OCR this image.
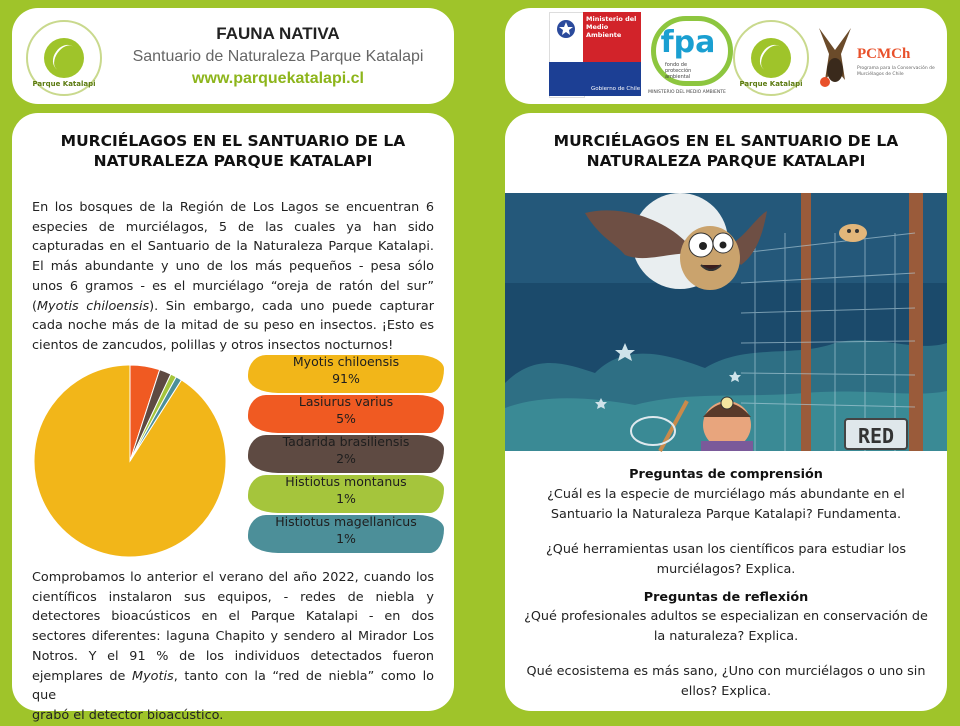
Parque Katalapi
FAUNA NATIVA
Santuario de Naturaleza Parque Katalapi
www.parquekatalapi.cl
Ministerio del
Medio
Ambiente
Gobierno de Chile
fpa
fondo de protección ambiental
MINISTERIO DEL MEDIO AMBIENTE
Parque Katalapi
PCMCh
Programa para la Conservación de Murciélagos de Chile
MURCIÉLAGOS EN EL SANTUARIO DE LA
NATURALEZA PARQUE KATALAPI
En los bosques de la Región de Los Lagos se encuentran 6
especies de murciélagos, 5 de las cuales ya han sido
capturadas en el Santuario de la Naturaleza Parque Katalapi.
El más abundante y uno de los más pequeños - pesa sólo
unos 6 gramos - es el murciélago “oreja de ratón del sur”
(Myotis chiloensis). Sin embargo, cada uno puede capturar
cada noche más de la mitad de su peso en insectos. ¡Esto es
cientos de zancudos, polillas y otros insectos nocturnos!
Myotis chiloensis
91%
Lasiurus varius
5%
Tadarida brasiliensis
2%
Histiotus montanus
1%
Histiotus magellanicus
1%
Comprobamos lo anterior el verano del año 2022, cuando los
científicos instalaron sus equipos, - redes de niebla y
detectores bioacústicos en el Parque Katalapi - en dos
sectores diferentes: laguna Chapito y sendero al Mirador Los
Notros. Y el 91 % de los individuos detectados fueron
ejemplares de Myotis, tanto con la “red de niebla” como lo que
grabó el detector bioacústico.
MURCIÉLAGOS EN EL SANTUARIO DE LA
NATURALEZA PARQUE KATALAPI
RED
Preguntas de comprensión
¿Cuál es la especie de murciélago más abundante en el
Santuario la Naturaleza Parque Katalapi? Fundamenta.
¿Qué herramientas usan los científicos para estudiar los
murciélagos? Explica.
Preguntas de reflexión
¿Qué profesionales adultos se especializan en conservación de
la naturaleza? Explica.
Qué ecosistema es más sano, ¿Uno con murciélagos o uno sin
ellos? Explica.
